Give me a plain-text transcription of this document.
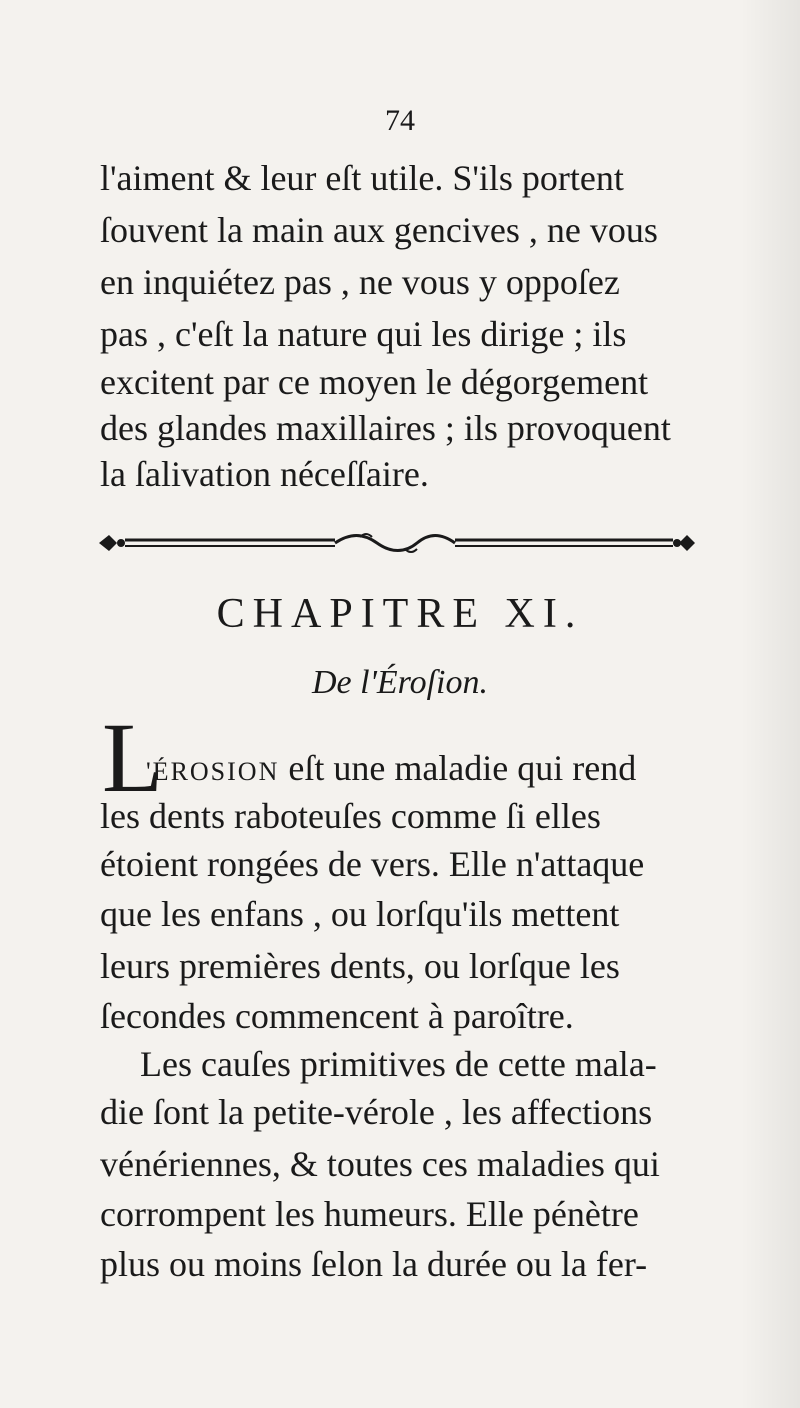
74
l'aiment & leur eſt utile. S'ils portent
ſouvent la main aux gencives , ne vous
en inquiétez pas , ne vous y oppoſez
pas , c'eſt la nature qui les dirige ; ils
excitent par ce moyen le dégorgement
des glandes maxillaires ; ils provoquent
la ſalivation néceſſaire.
CHAPITRE XI.
De l'Éroſion.
L
'ÉROSION eſt une maladie qui rend
les dents raboteuſes comme ſi elles
étoient rongées de vers. Elle n'attaque
que les enfans , ou lorſqu'ils mettent
leurs premières dents, ou lorſque les
ſecondes commencent à paroître.
Les cauſes primitives de cette mala-
die ſont la petite-vérole , les affections
vénériennes, & toutes ces maladies qui
corrompent les humeurs. Elle pénètre
plus ou moins ſelon la durée ou la fer-
